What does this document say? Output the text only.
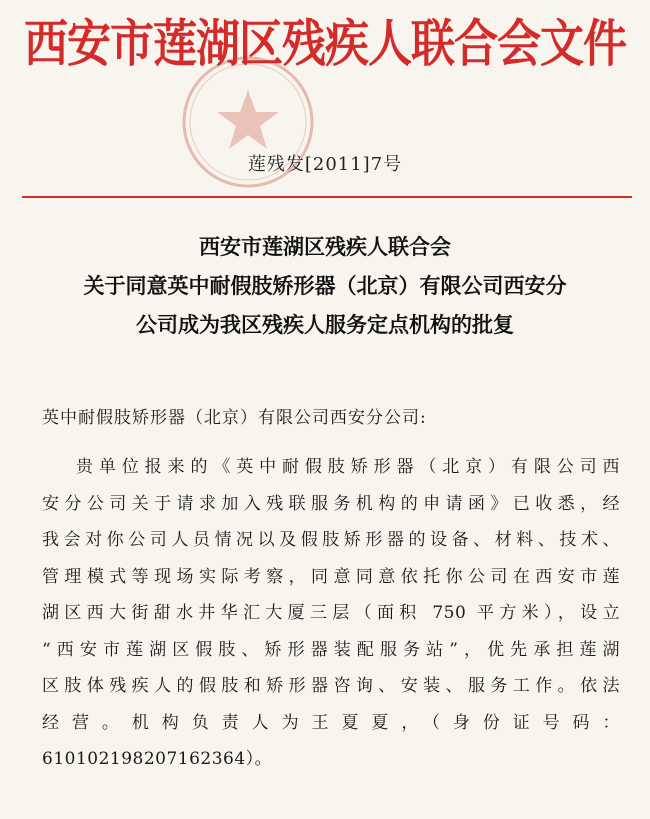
西安市莲湖区残疾人联合会文件
莲残发[2011]7号
西安市莲湖区残疾人联合会
关于同意英中耐假肢矫形器（北京）有限公司西安分
公司成为我区残疾人服务定点机构的批复
英中耐假肢矫形器（北京）有限公司西安分公司:
贵单位报来的《英中耐假肢矫形器（北京）有限公司西
安分公司关于请求加入残联服务机构的申请函》已收悉，经
我会对你公司人员情况以及假肢矫形器的设备、材料、技术、
管理模式等现场实际考察，同意同意依托你公司在西安市莲
湖区西大街甜水井华汇大厦三层（面积 750 平方米），设立
“西安市莲湖区假肢、矫形器装配服务站”，优先承担莲湖
区肢体残疾人的假肢和矫形器咨询、安装、服务工作。依法
经营。机构负责人为王夏夏，（身份证号码：
610102198207162364）。
